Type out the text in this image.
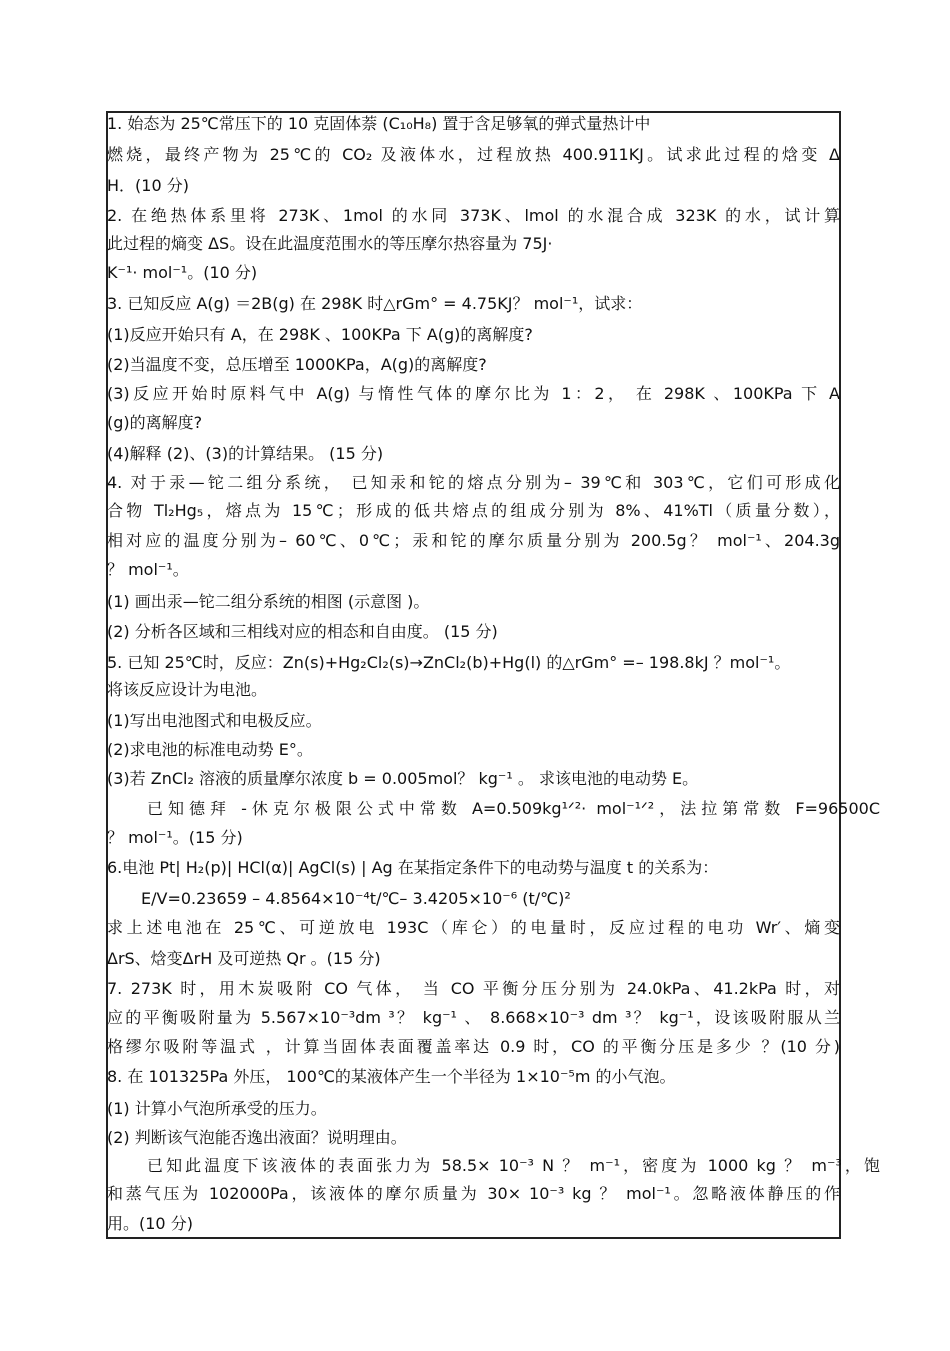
1. 始态为 25℃常压下的 10 克固体萘 (C₁₀H₈) 置于含足够氧的弹式量热计中
燃烧，最终产物为 25℃的 CO₂ 及液体水，过程放热 400.911KJ。试求此过程的焓变 Δ
H．(10 分)
2. 在绝热体系里将 273K、1mol 的水同 373K、lmol 的水混合成 323K 的水，试计算
此过程的熵变 ΔS。设在此温度范围水的等压摩尔热容量为 75J·
K⁻¹· mol⁻¹。(10 分)
3. 已知反应 A(g) ＝2B(g) 在 298K 时△rGm° = 4.75KJ？ mol⁻¹，试求：
(1)反应开始只有 A，在 298K 、100KPa 下 A(g)的离解度?
(2)当温度不变，总压增至 1000KPa，A(g)的离解度?
(3)反应开始时原料气中 A(g) 与惰性气体的摩尔比为 1：2， 在 298K 、100KPa 下 A
(g)的离解度?
(4)解释 (2)、(3)的计算结果。 (15 分)
4. 对于汞—铊二组分系统， 已知汞和铊的熔点分别为– 39℃和 303℃，它们可形成化
合物 Tl₂Hg₅，熔点为 15℃；形成的低共熔点的组成分别为 8%、41%Tl（质量分数），
相对应的温度分别为– 60℃、0℃；汞和铊的摩尔质量分别为 200.5g？ mol⁻¹、204.3g
？ mol⁻¹。
(1) 画出汞—铊二组分系统的相图 (示意图 )。
(2) 分析各区域和三相线对应的相态和自由度。 (15 分)
5. 已知 25℃时，反应：Zn(s)+Hg₂Cl₂(s)→ZnCl₂(b)+Hg(l) 的△rGm° =– 198.8kJ ？mol⁻¹。
将该反应设计为电池。
(1)写出电池图式和电极反应。
(2)求电池的标准电动势 E°。
(3)若 ZnCl₂ 溶液的质量摩尔浓度 b = 0.005mol？ kg⁻¹ 。 求该电池的电动势 E。
已知德拜 -休克尔极限公式中常数 A=0.509kg¹ᐟ²· mol⁻¹ᐟ²，法拉第常数 F=96500C
？ mol⁻¹。(15 分)
6.电池 Pt| H₂(p)| HCl(α)| AgCl(s) | Ag 在某指定条件下的电动势与温度 t 的关系为：
E/V=0.23659 – 4.8564×10⁻⁴t/℃– 3.4205×10⁻⁶ (t/℃)²
求上述电池在 25℃、可逆放电 193C（库仑）的电量时，反应过程的电功 Wr′、熵变
ΔrS、焓变ΔrH 及可逆热 Qr 。(15 分)
7. 273K 时，用木炭吸附 CO 气体， 当 CO 平衡分压分别为 24.0kPa、41.2kPa 时，对
应的平衡吸附量为 5.567×10⁻³dm ³？ kg⁻¹ 、 8.668×10⁻³ dm ³？ kg⁻¹，设该吸附服从兰
格缪尔吸附等温式 ，计算当固体表面覆盖率达 0.9 时，CO 的平衡分压是多少 ？(10 分)
8. 在 101325Pa 外压， 100℃的某液体产生一个半径为 1×10⁻⁵m 的小气泡。
(1) 计算小气泡所承受的压力。
(2) 判断该气泡能否逸出液面？说明理由。
已知此温度下该液体的表面张力为 58.5× 10⁻³ N ？ m⁻¹，密度为 1000 kg ？ m⁻³，饱
和蒸气压为 102000Pa，该液体的摩尔质量为 30× 10⁻³ kg ？ mol⁻¹。忽略液体静压的作
用。(10 分)
